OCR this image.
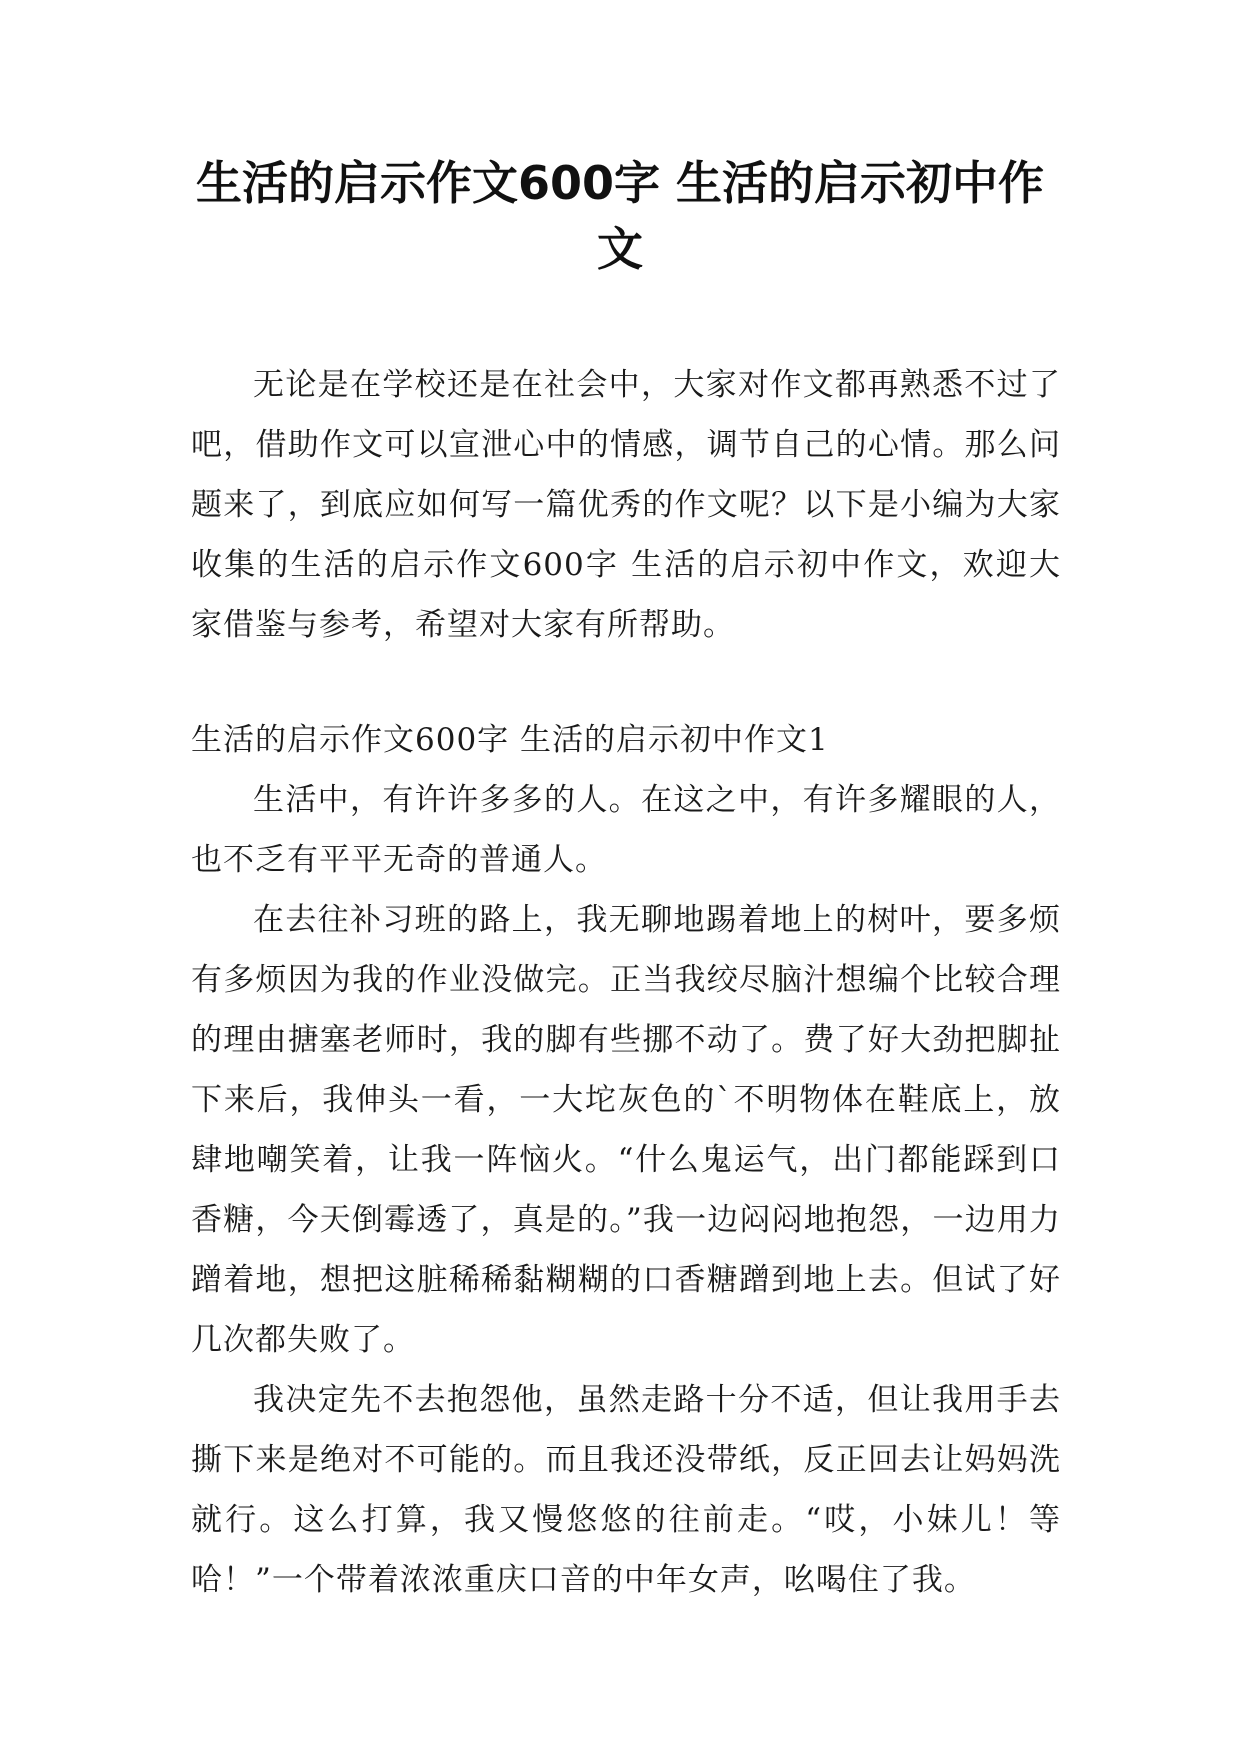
生活的启示作文600字 生活的启示初中作文

无论是在学校还是在社会中，大家对作文都再熟悉不过了吧，借助作文可以宣泄心中的情感，调节自己的心情。那么问题来了，到底应如何写一篇优秀的作文呢？以下是小编为大家收集的生活的启示作文600字 生活的启示初中作文，欢迎大家借鉴与参考，希望对大家有所帮助。

生活的启示作文600字 生活的启示初中作文1

生活中，有许许多多的人。在这之中，有许多耀眼的人，也不乏有平平无奇的普通人。

在去往补习班的路上，我无聊地踢着地上的树叶，要多烦有多烦因为我的作业没做完。正当我绞尽脑汁想编个比较合理的理由搪塞老师时，我的脚有些挪不动了。费了好大劲把脚扯下来后，我伸头一看，一大坨灰色的`不明物体在鞋底上，放肆地嘲笑着，让我一阵恼火。“什么鬼运气，出门都能踩到口香糖，今天倒霉透了，真是的。”我一边闷闷地抱怨，一边用力蹭着地，想把这脏稀稀黏糊糊的口香糖蹭到地上去。但试了好几次都失败了。

我决定先不去抱怨他，虽然走路十分不适，但让我用手去撕下来是绝对不可能的。而且我还没带纸，反正回去让妈妈洗就行。这么打算，我又慢悠悠的往前走。“哎，小妹儿！等哈！”一个带着浓浓重庆口音的中年女声，吆喝住了我。
